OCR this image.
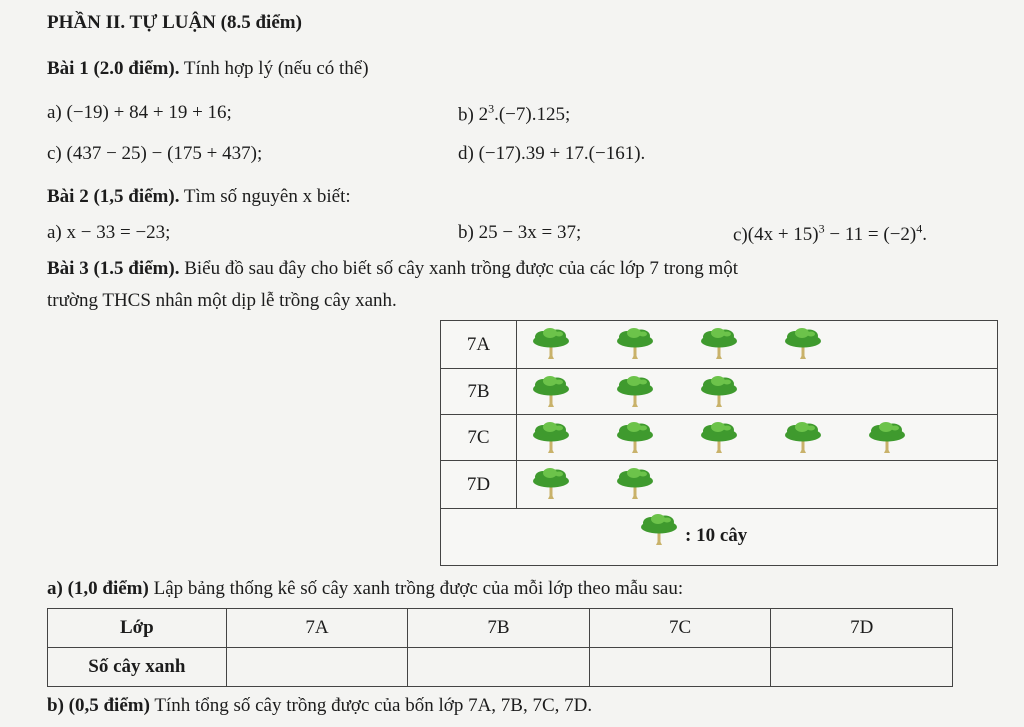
PHẦN II. TỰ LUẬN (8.5 điểm)
Bài 1 (2.0 điểm). Tính hợp lý (nếu có thể)
a) (−19) + 84 + 19 + 16;	b) $2^3.(-7).125$;
c) (437 − 25) − (175 + 437);	d) (−17).39 + 17.(−161).
Bài 2 (1,5 điểm). Tìm số nguyên x biết:
a) x − 33 = −23;	b) 25 − 3x = 37;	$c)(4x + 15)^3 - 11 = (-2)^4$.
Bài 3 (1.5 điểm). Biểu đồ sau đây cho biết số cây xanh trồng được của các lớp 7 trong một
trường THCS nhân một dịp lễ trồng cây xanh.
7A
7B
7C
7D
: 10 cây
a) (1,0 điểm) Lập bảng thống kê số cây xanh trồng được của mỗi lớp theo mẫu sau:
Lớp	7A	7B	7C	7D
Số cây xanh				
b) (0,5 điểm) Tính tổng số cây trồng được của bốn lớp 7A, 7B, 7C, 7D.
